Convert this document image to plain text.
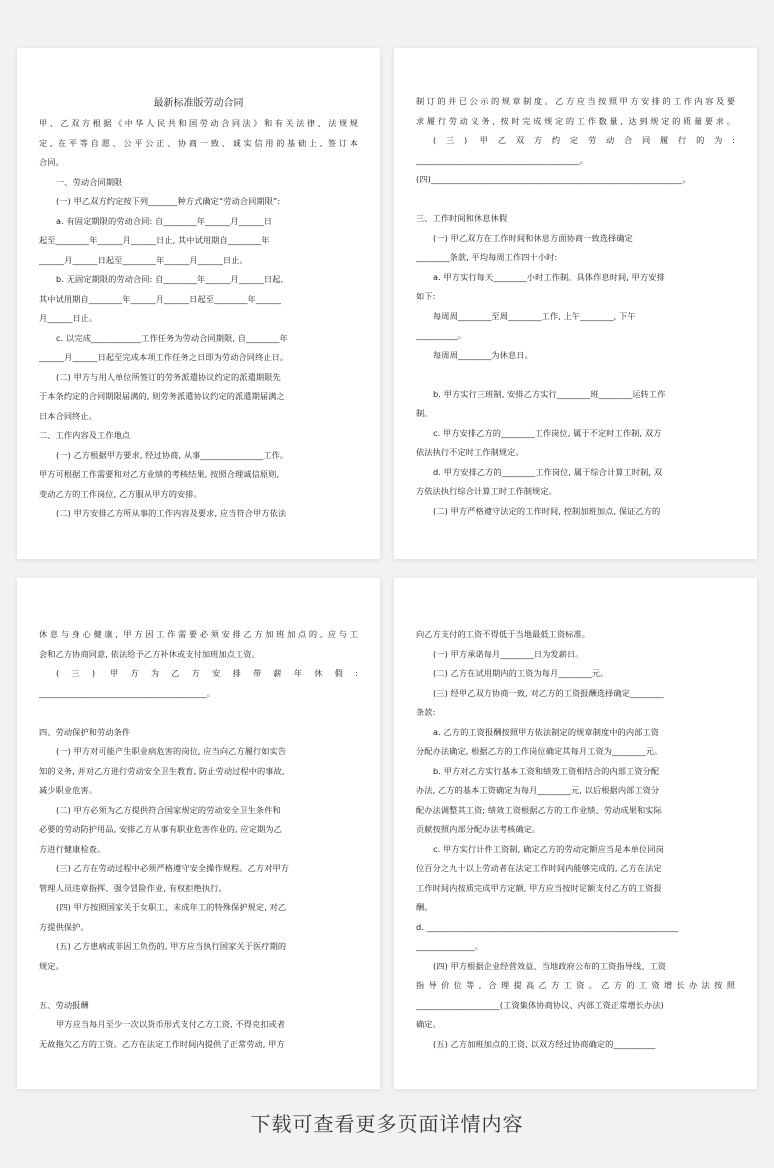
最新标准版劳动合同
甲、乙双方根据《中华人民共和国劳动合同法》和有关法律、法规规
定, 在平等自愿、公平公正、协商一致、诚实信用的基础上, 签订本
合同。
一、劳动合同期限
(一) 甲乙双方约定按下列_______种方式确定“劳动合同期限”:
a. 有固定期限的劳动合同: 自________年______月______日
起至________年______月______日止, 其中试用期自________年
______月______日起至________年______月______日止。
b. 无固定期限的劳动合同: 自________年______月______日起,
其中试用期自________年______月______日起至________年______
月______日止。
c. 以完成____________工作任务为劳动合同期限, 自________年
______月______日起至完成本项工作任务之日即为劳动合同终止日。
(二) 甲方与用人单位所签订的劳务派遣协议约定的派遣期限先
于本条约定的合同期限届满的, 则劳务派遣协议约定的派遣期届满之
日本合同终止。
二、工作内容及工作地点
(一) 乙方根据甲方要求, 经过协商, 从事_______________工作。
甲方可根据工作需要和对乙方业绩的考核结果, 按照合理诚信原则,
变动乙方的工作岗位, 乙方服从甲方的安排。
(二) 甲方安排乙方所从事的工作内容及要求, 应当符合甲方依法
制订的并已公示的规章制度。乙方应当按照甲方安排的工作内容及要
求履行劳动义务, 按时完成规定的工作数量, 达到规定的质量要求。
(三) 甲乙双方约定劳动合同履行的为:
_______________________________________。
(四)____________________________________________________________。
三、工作时间和休息休假
(一) 甲乙双方在工作时间和休息方面协商一致选择确定
________条款, 平均每周工作四十小时:
a. 甲方实行每天________小时工作制。具体作息时间, 甲方安排
如下:
每周周________至周________工作, 上午________, 下午
__________。
每周周________为休息日。
b. 甲方实行三班制, 安排乙方实行________班________运转工作
制。
c. 甲方安排乙方的________工作岗位, 属于不定时工作制, 双方
依法执行不定时工作制规定。
d. 甲方安排乙方的________工作岗位, 属于综合计算工时制, 双
方依法执行综合计算工时工作制规定。
(二) 甲方严格遵守法定的工作时间, 控制加班加点, 保证乙方的
休息与身心健康, 甲方因工作需要必须安排乙方加班加点的, 应与工
会和乙方协商同意, 依法给予乙方补休或支付加班加点工资。
(三) 甲方为乙方安排带薪年休假:
________________________________________。
四、劳动保护和劳动条件
(一) 甲方对可能产生职业病危害的岗位, 应当向乙方履行如实告
知的义务, 并对乙方进行劳动安全卫生教育, 防止劳动过程中的事故,
减少职业危害。
(二) 甲方必须为乙方提供符合国家规定的劳动安全卫生条件和
必要的劳动防护用品, 安排乙方从事有职业危害作业的, 应定期为乙
方进行健康检查。
(三) 乙方在劳动过程中必须严格遵守安全操作规程。乙方对甲方
管理人员违章指挥、强令冒险作业, 有权拒绝执行。
(四) 甲方按照国家关于女职工、未成年工的特殊保护规定, 对乙
方提供保护。
(五) 乙方患病或非因工负伤的, 甲方应当执行国家关于医疗期的
规定。
五、劳动报酬
甲方应当每月至少一次以货币形式支付乙方工资, 不得克扣或者
无故拖欠乙方的工资。乙方在法定工作时间内提供了正常劳动, 甲方
向乙方支付的工资不得低于当地最低工资标准。
(一) 甲方承诺每月________日为发薪日。
(二) 乙方在试用期内的工资为每月________元。
(三) 经甲乙双方协商一致, 对乙方的工资报酬选择确定________
条款:
a. 乙方的工资报酬按照甲方依法制定的规章制度中的内部工资
分配办法确定, 根据乙方的工作岗位确定其每月工资为________元。
b. 甲方对乙方实行基本工资和绩效工资相结合的内部工资分配
办法, 乙方的基本工资确定为每月________元, 以后根据内部工资分
配办法调整其工资; 绩效工资根据乙方的工作业绩、劳动成果和实际
贡献按照内部分配办法考核确定。
c. 甲方实行计件工资制, 确定乙方的劳动定额应当是本单位同岗
位百分之九十以上劳动者在法定工作时间内能够完成的, 乙方在法定
工作时间内按质完成甲方定额, 甲方应当按时足额支付乙方的工资报
酬。
d. ____________________________________________________________
______________。
(四) 甲方根据企业经营效益、当地政府公布的工资指导线、工资
指导价位等, 合理提高乙方工资。乙方的工资增长办法按照
____________________(工资集体协商协议、内部工资正常增长办法)
确定。
(五) 乙方加班加点的工资, 以双方经过协商确定的__________
下载可查看更多页面详情内容
